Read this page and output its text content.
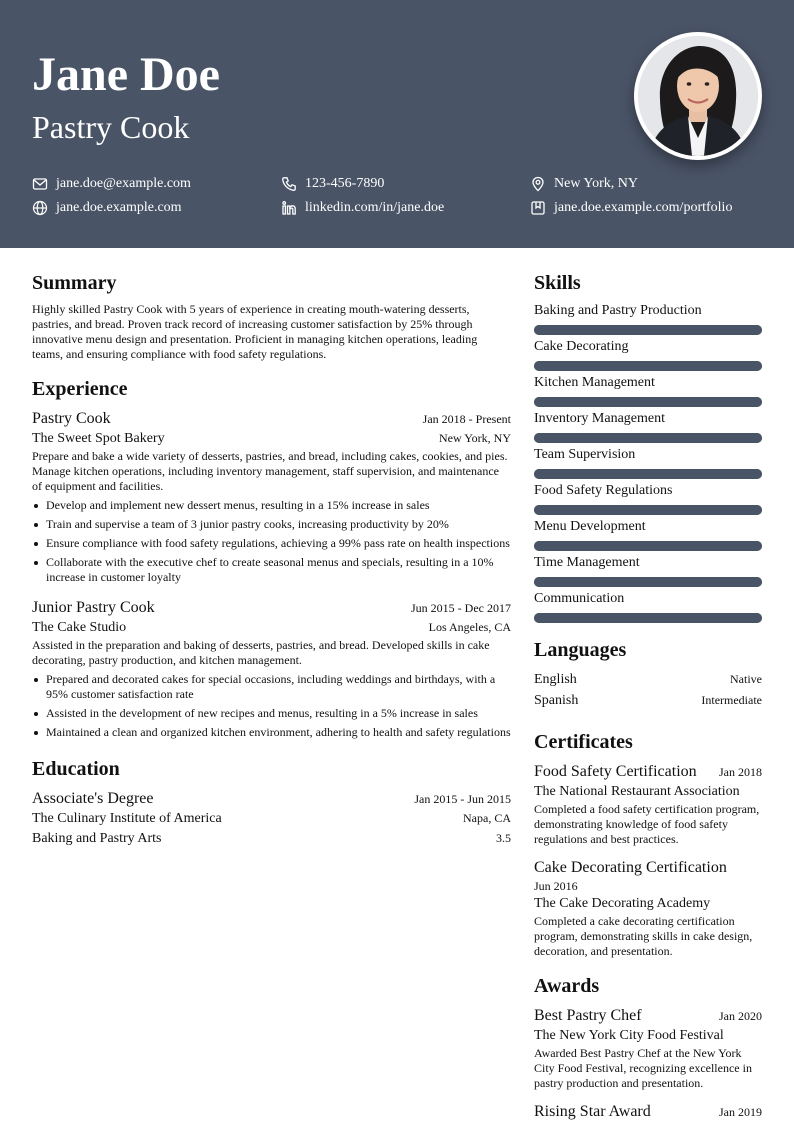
Jane Doe
Pastry Cook
jane.doe@example.com	123-456-7890	New York, NY
jane.doe.example.com	linkedin.com/in/jane.doe	jane.doe.example.com/portfolio
Summary

Highly skilled Pastry Cook with 5 years of experience in creating mouth-watering desserts, pastries, and bread. Proven track record of increasing customer satisfaction by 25% through innovative menu design and presentation. Proficient in managing kitchen operations, leading teams, and ensuring compliance with food safety regulations.

Experience
Pastry Cook	Jan 2018 - Present
The Sweet Spot Bakery	New York, NY

Prepare and bake a wide variety of desserts, pastries, and bread, including cakes, cookies, and pies. Manage kitchen operations, including inventory management, staff supervision, and maintenance of equipment and facilities.

Develop and implement new dessert menus, resulting in a 15% increase in sales
Train and supervise a team of 3 junior pastry cooks, increasing productivity by 20%
Ensure compliance with food safety regulations, achieving a 99% pass rate on health inspections
Collaborate with the executive chef to create seasonal menus and specials, resulting in a 10% increase in customer loyalty
Junior Pastry Cook	Jun 2015 - Dec 2017
The Cake Studio	Los Angeles, CA

Assisted in the preparation and baking of desserts, pastries, and bread. Developed skills in cake decorating, pastry production, and kitchen management.

Prepared and decorated cakes for special occasions, including weddings and birthdays, with a 95% customer satisfaction rate
Assisted in the development of new recipes and menus, resulting in a 5% increase in sales
Maintained a clean and organized kitchen environment, adhering to health and safety regulations
Education
Associate's Degree	Jan 2015 - Jun 2015
The Culinary Institute of America	Napa, CA
Baking and Pastry Arts	3.5
Skills
Baking and Pastry Production
Cake Decorating
Kitchen Management
Inventory Management
Team Supervision
Food Safety Regulations
Menu Development
Time Management
Communication
Languages
English	Native
Spanish	Intermediate
Certificates
Food Safety Certification Jan 2018
The National Restaurant Association

Completed a food safety certification program, demonstrating knowledge of food safety regulations and best practices.

Cake Decorating Certification
Jun 2016
The Cake Decorating Academy

Completed a cake decorating certification program, demonstrating skills in cake design, decoration, and presentation.

Awards
Best Pastry Chef	Jan 2020
The New York City Food Festival

Awarded Best Pastry Chef at the New York City Food Festival, recognizing excellence in pastry production and presentation.

Rising Star Award	Jan 2019
